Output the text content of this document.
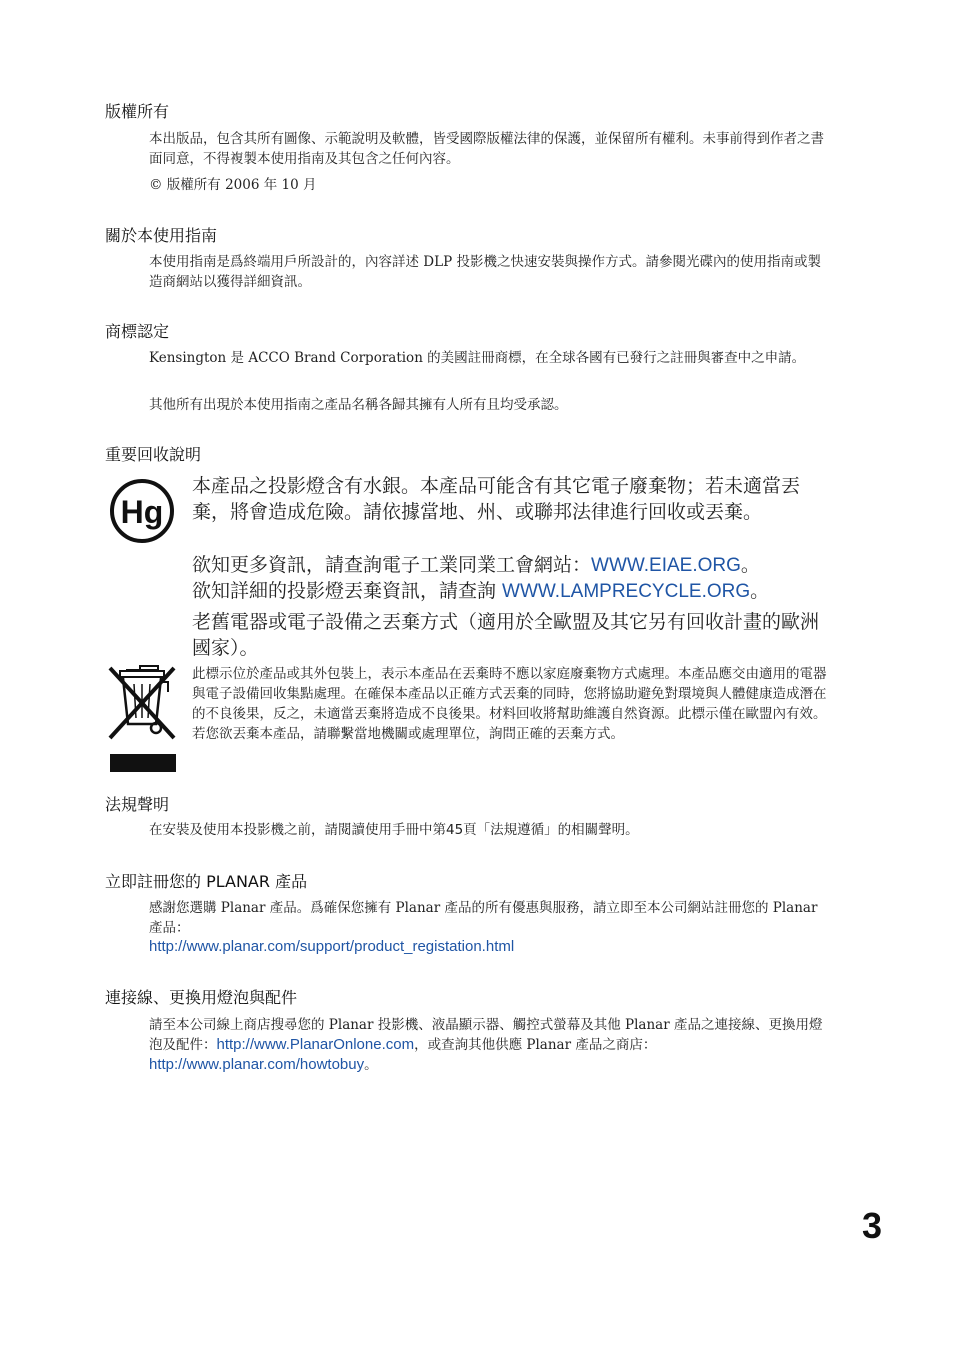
版權所有

本出版品，包含其所有圖像、示範說明及軟體，皆受國際版權法律的保護，並保留所有權利。未事前得到作者之書面同意，不得複製本使用指南及其包含之任何內容。

© 版權所有 2006 年 10 月

關於本使用指南

本使用指南是爲終端用戶所設計的，內容詳述 DLP 投影機之快速安裝與操作方式。請參閱光碟內的使用指南或製造商網站以獲得詳細資訊。

商標認定

Kensington 是 ACCO Brand Corporation 的美國註冊商標，在全球各國有已發行之註冊與審查中之申請。

其他所有出現於本使用指南之產品名稱各歸其擁有人所有且均受承認。

重要回收說明
Hg

本產品之投影燈含有水銀。本產品可能含有其它電子廢棄物；若未適當丟棄，將會造成危險。請依據當地、州、或聯邦法律進行回收或丟棄。

欲知更多資訊，請查詢電子工業同業工會網站：WWW.EIAE.ORG。

欲知詳細的投影燈丟棄資訊，請查詢 WWW.LAMPRECYCLE.ORG。

老舊電器或電子設備之丟棄方式（適用於全歐盟及其它另有回收計畫的歐洲國家）。

此標示位於產品或其外包裝上，表示本產品在丟棄時不應以家庭廢棄物方式處理。本產品應交由適用的電器與電子設備回收集點處理。在確保本產品以正確方式丟棄的同時，您將協助避免對環境與人體健康造成潛在的不良後果，反之，未適當丟棄將造成不良後果。材料回收將幫助維護自然資源。此標示僅在歐盟內有效。若您欲丟棄本產品，請聯繫當地機關或處理單位，詢問正確的丟棄方式。

法規聲明

在安裝及使用本投影機之前，請閱讀使用手冊中第45頁「法規遵循」的相關聲明。

立即註冊您的 PLANAR 產品

感謝您選購 Planar 產品。爲確保您擁有 Planar 產品的所有優惠與服務，請立即至本公司網站註冊您的 Planar 產品：

http://www.planar.com/support/product_registation.html

連接線、更換用燈泡與配件

請至本公司線上商店搜尋您的 Planar 投影機、液晶顯示器、觸控式螢幕及其他 Planar 產品之連接線、更換用燈泡及配件：http://www.PlanarOnlone.com，或查詢其他供應 Planar 產品之商店：http://www.planar.com/howtobuy。

3
